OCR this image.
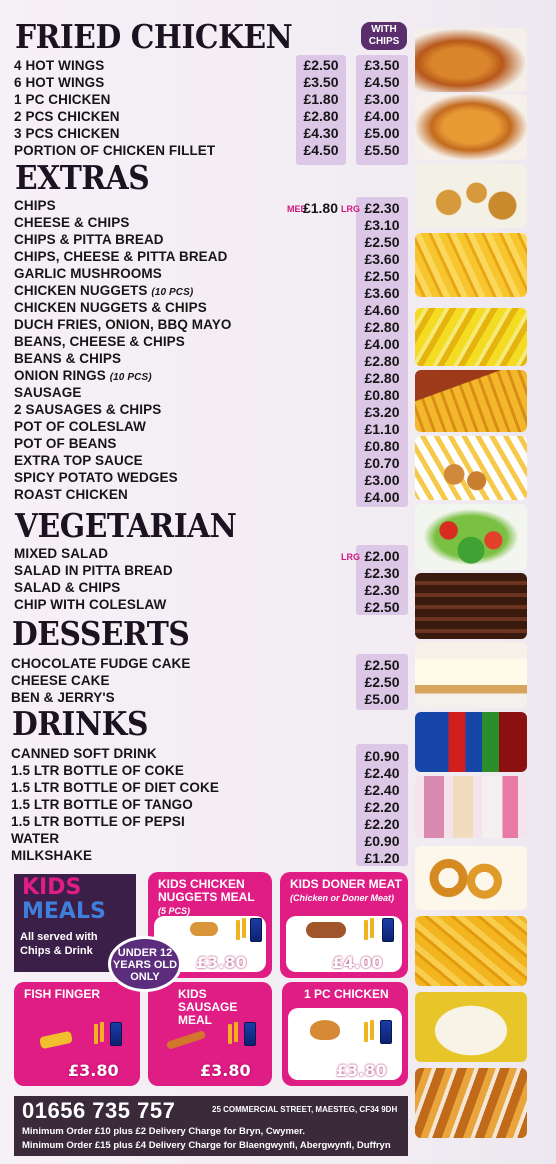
FRIED CHICKEN	WITH CHIPS
4 HOT WINGS
6 HOT WINGS
1 PC CHICKEN
2 PCS CHICKEN
3 PCS CHICKEN
PORTION OF CHICKEN FILLET
£2.50
£3.50
£1.80
£2.80
£4.30
£4.50
£3.50
£4.50
£3.00
£4.00
£5.00
£5.50
EXTRAS
MED
£1.80 LRG
CHIPS
CHEESE & CHIPS
CHIPS & PITTA BREAD
CHIPS, CHEESE & PITTA BREAD
GARLIC MUSHROOMS
CHICKEN NUGGETS (10 PCS)
CHICKEN NUGGETS & CHIPS
DUCH FRIES, ONION, BBQ MAYO
BEANS, CHEESE & CHIPS
BEANS & CHIPS
ONION RINGS (10 PCS)
SAUSAGE
2 SAUSAGES & CHIPS
POT OF COLESLAW
POT OF BEANS
EXTRA TOP SAUCE
SPICY POTATO WEDGES
ROAST CHICKEN
£2.30
£3.10
£2.50
£3.60
£2.50
£3.60
£4.60
£2.80
£4.00
£2.80
£2.80
£0.80
£3.20
£1.10
£0.80
£0.70
£3.00
£4.00
VEGETARIAN
LRG
MIXED SALAD
SALAD IN PITTA BREAD
SALAD & CHIPS
CHIP WITH COLESLAW
£2.00
£2.30
£2.30
£2.50
DESSERTS
CHOCOLATE FUDGE CAKE
CHEESE CAKE
BEN & JERRY'S
£2.50
£2.50
£5.00
DRINKS
CANNED SOFT DRINK
1.5 LTR BOTTLE OF COKE
1.5 LTR BOTTLE OF DIET COKE
1.5 LTR BOTTLE OF TANGO
1.5 LTR BOTTLE OF PEPSI
WATER
MILKSHAKE
£0.90
£2.40
£2.40
£2.20
£2.20
£0.90
£1.20
KIDS
MEALS
All served with Chips & Drink
KIDS CHICKEN NUGGETS MEAL
(5 PCS)
£3.80
KIDS DONER MEAT
(Chicken or Doner Meat)
£4.00
FISH FINGER
£3.80
KIDS SAUSAGE MEAL
£3.80
1 PC CHICKEN
£3.80
UNDER 12 YEARS OLD ONLY
01656 735 757	25 COMMERCIAL STREET, MAESTEG, CF34 9DH
Minimum Order £10 plus £2 Delivery Charge for Bryn, Cwymer.
Minimum Order £15 plus £4 Delivery Charge for Blaengwynfi, Abergwynfi, Duffryn
